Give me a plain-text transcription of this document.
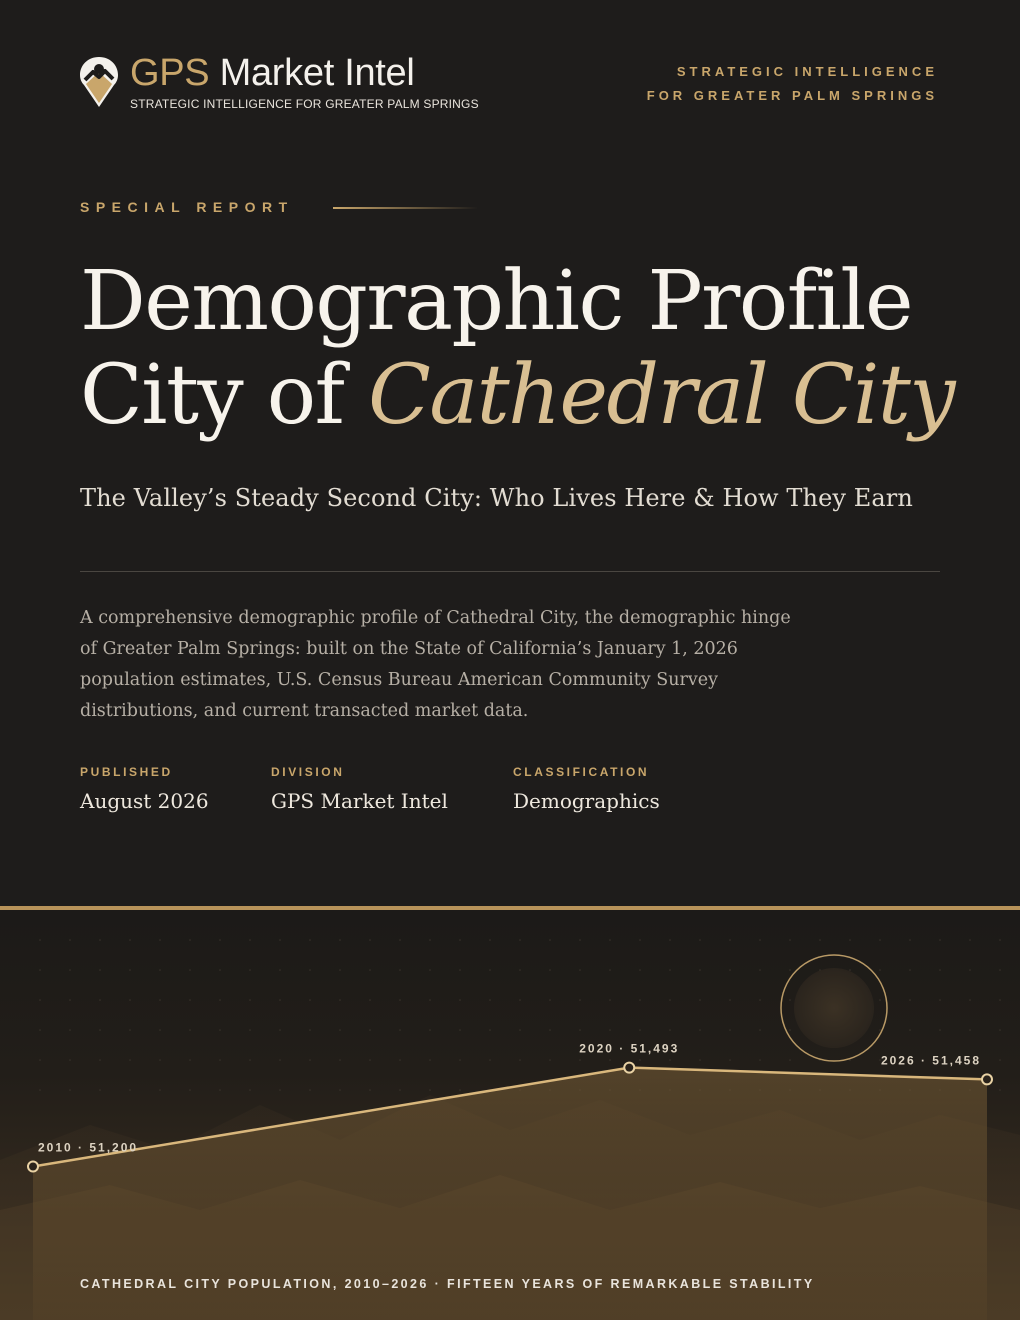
GPS Market Intel
STRATEGIC INTELLIGENCE FOR GREATER PALM SPRINGS
STRATEGIC INTELLIGENCE
FOR GREATER PALM SPRINGS
SPECIAL REPORT
Demographic Profile
City of Cathedral City
The Valley’s Steady Second City: Who Lives Here & How They Earn
A comprehensive demographic profile of Cathedral City, the demographic hinge of Greater Palm Springs: built on the State of California’s January 1, 2026 population estimates, U.S. Census Bureau American Community Survey distributions, and current transacted market data.
PUBLISHED
August 2026
DIVISION
GPS Market Intel
CLASSIFICATION
Demographics
2010 · 51,200
2020 · 51,493
2026 · 51,458
CATHEDRAL CITY POPULATION, 2010–2026 · FIFTEEN YEARS OF REMARKABLE STABILITY
